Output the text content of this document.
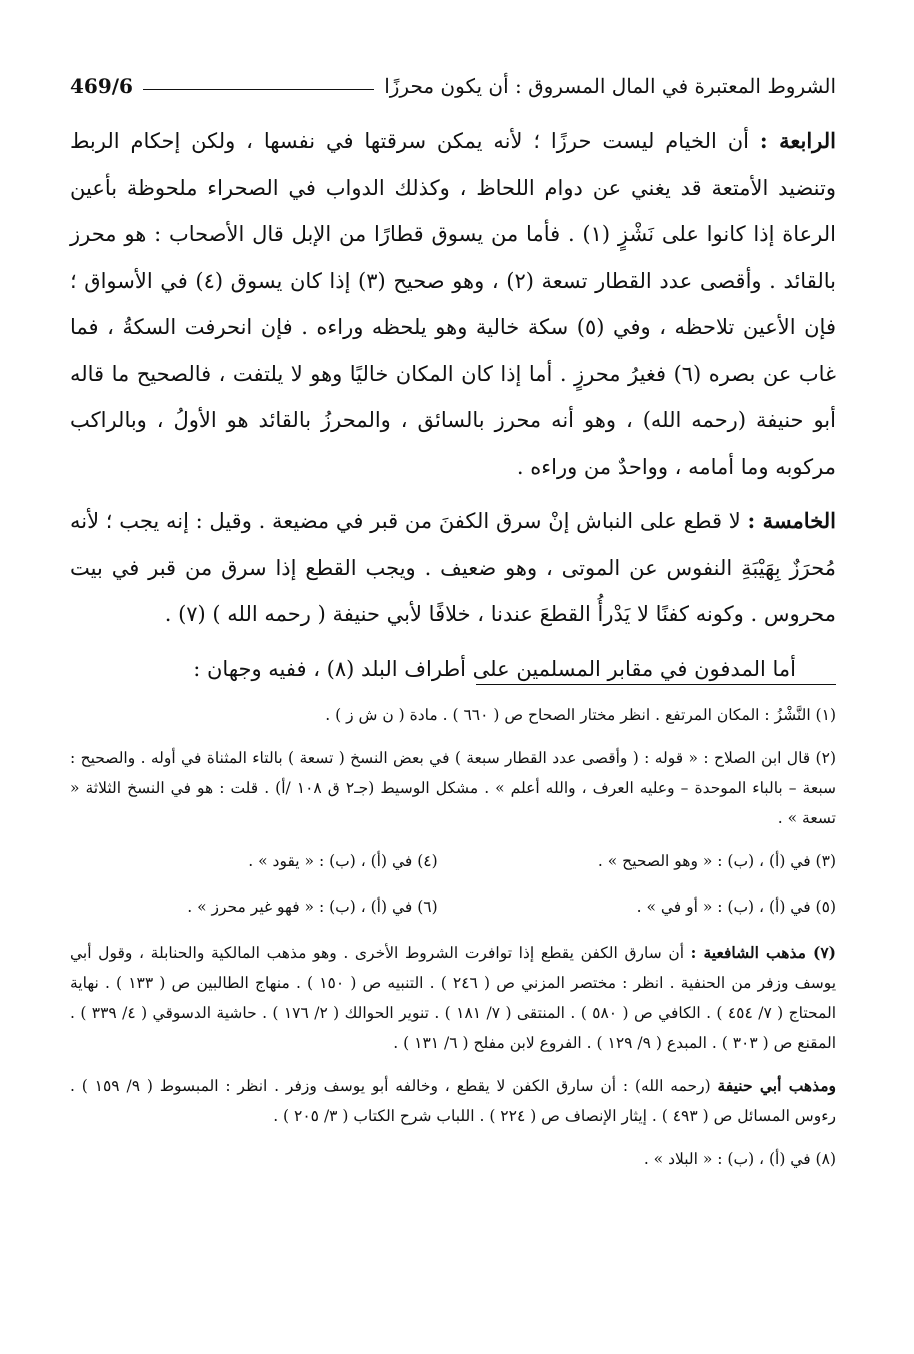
الشروط المعتبرة في المال المسروق : أن يكون محرزًا
469/6

الرابعة : أن الخيام ليست حرزًا ؛ لأنه يمكن سرقتها في نفسها ، ولكن إحكام الربط وتنضيد الأمتعة قد يغني عن دوام اللحاظ ، وكذلك الدواب في الصحراء ملحوظة بأعين الرعاة إذا كانوا على نَشْزٍ (١) . فأما من يسوق قطارًا من الإبل قال الأصحاب : هو محرز بالقائد . وأقصى عدد القطار تسعة (٢) ، وهو صحيح (٣) إذا كان يسوق (٤) في الأسواق ؛ فإن الأعين تلاحظه ، وفي (٥) سكة خالية وهو يلحظه وراءه . فإن انحرفت السكةُ ، فما غاب عن بصره (٦) فغيرُ محرزٍ . أما إذا كان المكان خاليًا وهو لا يلتفت ، فالصحيح ما قاله أبو حنيفة (رحمه الله) ، وهو أنه محرز بالسائق ، والمحرزُ بالقائد هو الأولُ ، وبالراكب مركوبه وما أمامه ، وواحدٌ من وراءه .

الخامسة : لا قطع على النباش إنْ سرق الكفنَ من قبر في مضيعة . وقيل : إنه يجب ؛ لأنه مُحرَزٌ بِهَيْبَةِ النفوس عن الموتى ، وهو ضعيف . ويجب القطع إذا سرق من قبر في بيت محروس . وكونه كفنًا لا يَدْرأُ القطعَ عندنا ، خلافًا لأبي حنيفة ( رحمه الله ) (٧) .

أما المدفون في مقابر المسلمين على أطراف البلد (٨) ، ففيه وجهان :

(١) النَّشْزُ : المكان المرتفع . انظر مختار الصحاح ص ( ٦٦٠ ) . مادة ( ن ش ز ) .

(٢) قال ابن الصلاح : « قوله : ( وأقصى عدد القطار سبعة ) في بعض النسخ ( تسعة ) بالتاء المثناة في أوله . والصحيح : سبعة – بالباء الموحدة – وعليه العرف ، والله أعلم » . مشكل الوسيط (جـ٢ ق ١٠٨ /أ) . قلت : هو في النسخ الثلاثة « تسعة » .

(٣) في (أ) ، (ب) : « وهو الصحيح » .
(٤) في (أ) ، (ب) : « يقود » .
(٥) في (أ) ، (ب) : « أو في » .
(٦) في (أ) ، (ب) : « فهو غير محرز » .

(٧) مذهب الشافعية : أن سارق الكفن يقطع إذا توافرت الشروط الأخرى . وهو مذهب المالكية والحنابلة ، وقول أبي يوسف وزفر من الحنفية . انظر : مختصر المزني ص ( ٢٤٦ ) . التنبيه ص ( ١٥٠ ) . منهاج الطالبين ص ( ١٣٣ ) . نهاية المحتاج ( ٧/ ٤٥٤ ) . الكافي ص ( ٥٨٠ ) . المنتقى ( ٧/ ١٨١ ) . تنوير الحوالك ( ٢/ ١٧٦ ) . حاشية الدسوقي ( ٤/ ٣٣٩ ) . المقنع ص ( ٣٠٣ ) . المبدع ( ٩/ ١٢٩ ) . الفروع لابن مفلح ( ٦/ ١٣١ ) .

ومذهب أبي حنيفة (رحمه الله) : أن سارق الكفن لا يقطع ، وخالفه أبو يوسف وزفر . انظر : المبسوط ( ٩/ ١٥٩ ) . رءوس المسائل ص ( ٤٩٣ ) . إيثار الإنصاف ص ( ٢٢٤ ) . اللباب شرح الكتاب ( ٣/ ٢٠٥ ) .

(٨) في (أ) ، (ب) : « البلاد » .
